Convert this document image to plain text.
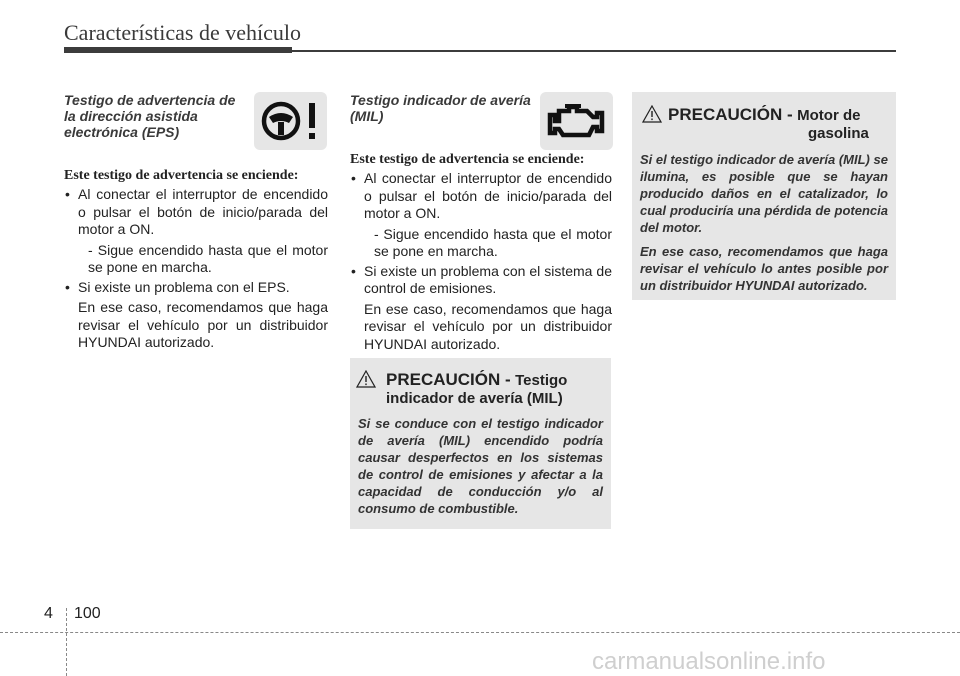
Características de vehículo
Testigo de advertencia de la dirección asistida electrónica (EPS)
Este testigo de advertencia se enciende:
• Al conectar el interruptor de encendido o pulsar el botón de inicio/parada del motor a ON.
- Sigue encendido hasta que el motor se pone en marcha.
• Si existe un problema con el EPS.
En ese caso, recomendamos que haga revisar el vehículo por un distribuidor HYUNDAI autorizado.
Testigo indicador de avería (MIL)
Este testigo de advertencia se enciende:
• Al conectar el interruptor de encendido o pulsar el botón de inicio/parada del motor a ON.
- Sigue encendido hasta que el motor se pone en marcha.
• Si existe un problema con el sistema de control de emisiones.
En ese caso, recomendamos que haga revisar el vehículo por un distribuidor HYUNDAI autorizado.
PRECAUCIÓN - Testigo
indicador de avería (MIL)
Si se conduce con el testigo indicador de avería (MIL) encendido podría causar desperfectos en los sistemas de control de emisiones y afectar a la capacidad de conducción y/o al consumo de combustible.
PRECAUCIÓN - Motor de
gasolina
Si el testigo indicador de avería (MIL) se ilumina, es posible que se hayan producido daños en el catalizador, lo cual produciría una pérdida de potencia del motor.
En ese caso, recomendamos que haga revisar el vehículo lo antes posible por un distribuidor HYUNDAI autorizado.
4 100
carmanualsonline.info
